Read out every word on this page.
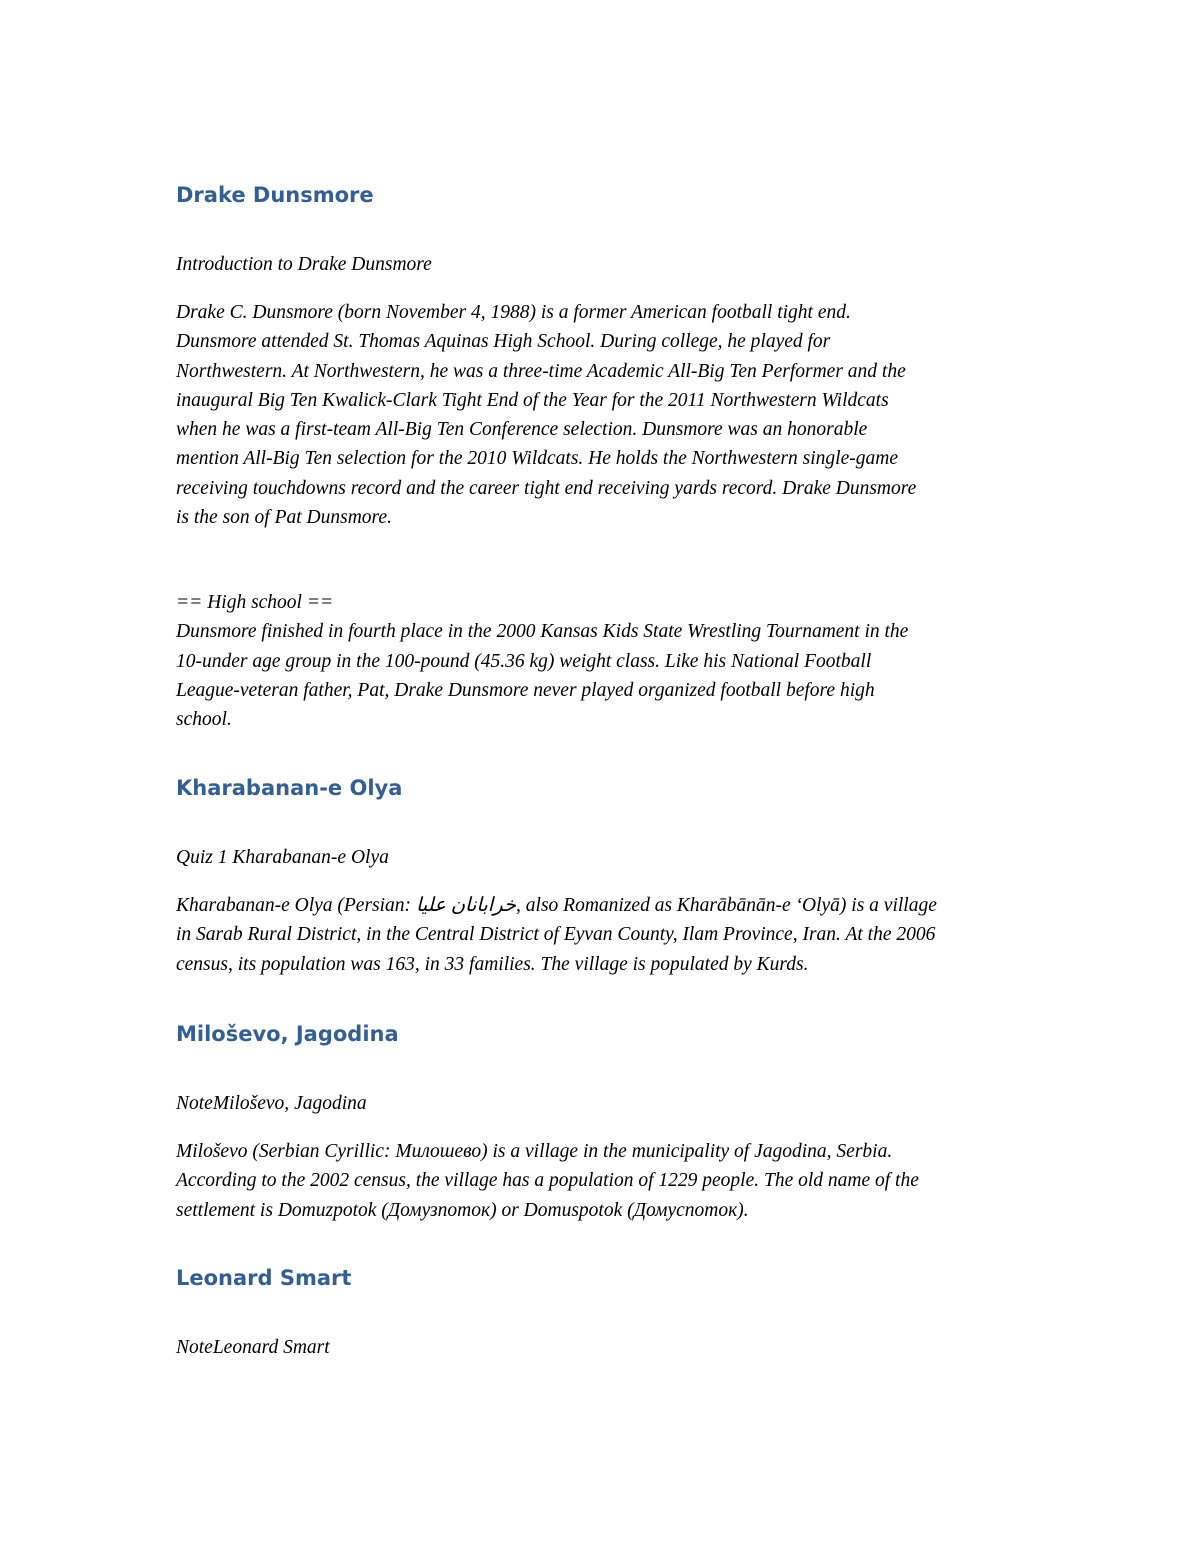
Drake Dunsmore
Introduction to Drake Dunsmore
Drake C. Dunsmore (born November 4, 1988) is a former American football tight end.
Dunsmore attended St. Thomas Aquinas High School. During college, he played for
Northwestern. At Northwestern, he was a three-time Academic All-Big Ten Performer and the
inaugural Big Ten Kwalick-Clark Tight End of the Year for the 2011 Northwestern Wildcats
when he was a first-team All-Big Ten Conference selection. Dunsmore was an honorable
mention All-Big Ten selection for the 2010 Wildcats. He holds the Northwestern single-game
receiving touchdowns record and the career tight end receiving yards record. Drake Dunsmore
is the son of Pat Dunsmore.
== High school ==
Dunsmore finished in fourth place in the 2000 Kansas Kids State Wrestling Tournament in the
10-under age group in the 100-pound (45.36 kg) weight class. Like his National Football
League-veteran father, Pat, Drake Dunsmore never played organized football before high
school.
Kharabanan-e Olya
Quiz 1 Kharabanan-e Olya
Kharabanan-e Olya (Persian: خرابانان عليا, also Romanized as Kharābānān-e ‘Olyā) is a village
in Sarab Rural District, in the Central District of Eyvan County, Ilam Province, Iran. At the 2006
census, its population was 163, in 33 families. The village is populated by Kurds.
Miloševo, Jagodina
NoteMiloševo, Jagodina
Miloševo (Serbian Cyrillic: Милошево) is a village in the municipality of Jagodina, Serbia.
According to the 2002 census, the village has a population of 1229 people. The old name of the
settlement is Domuzpotok (Домузпоток) or Domuspotok (Домуспоток).
Leonard Smart
NoteLeonard Smart
